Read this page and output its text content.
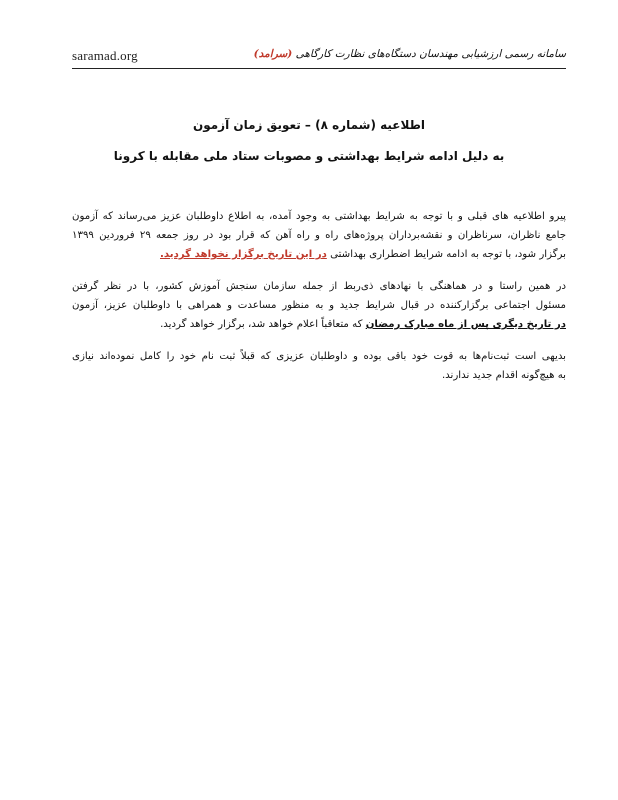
saramad.org	سامانه رسمی ارزشیابی مهندسان دستگاه‌های نظارت کارگاهی (سرامد)
اطلاعیه (شماره ۸) – تعویق زمان آزمون
به دلیل ادامه شرایط بهداشتی و مصوبات ستاد ملی مقابله با کرونا
پیرو اطلاعیه های قبلی و با توجه به شرایط بهداشتی به وجود آمده، به اطلاع داوطلبان عزیز می‌رساند که آزمون
جامع ناظران، سرناظران و نقشه‌برداران پروژه‌های راه و راه آهن که قرار بود در روز جمعه ۲۹ فروردین ۱۳۹۹
برگزار شود، با توجه به ادامه شرایط اضطراری بهداشتی در این تاریخ برگزار نخواهد گردید.
در همین راستا و در هماهنگی با نهادهای ذی‌ربط از جمله سازمان سنجش آموزش کشور، با در نظر گرفتن
مسئول اجتماعی برگزارکننده در قبال شرایط جدید و به منظور مساعدت و همراهی با داوطلبان عزیز، آزمون
در تاریخ دیگری پس از ماه مبارک رمضان که متعاقباً اعلام خواهد شد، برگزار خواهد گردید.
بدیهی است ثبت‌نام‌ها به قوت خود باقی بوده و داوطلبان عزیزی که قبلاً ثبت نام خود را کامل نموده‌اند نیازی
به هیچ‌گونه اقدام جدید ندارند.
